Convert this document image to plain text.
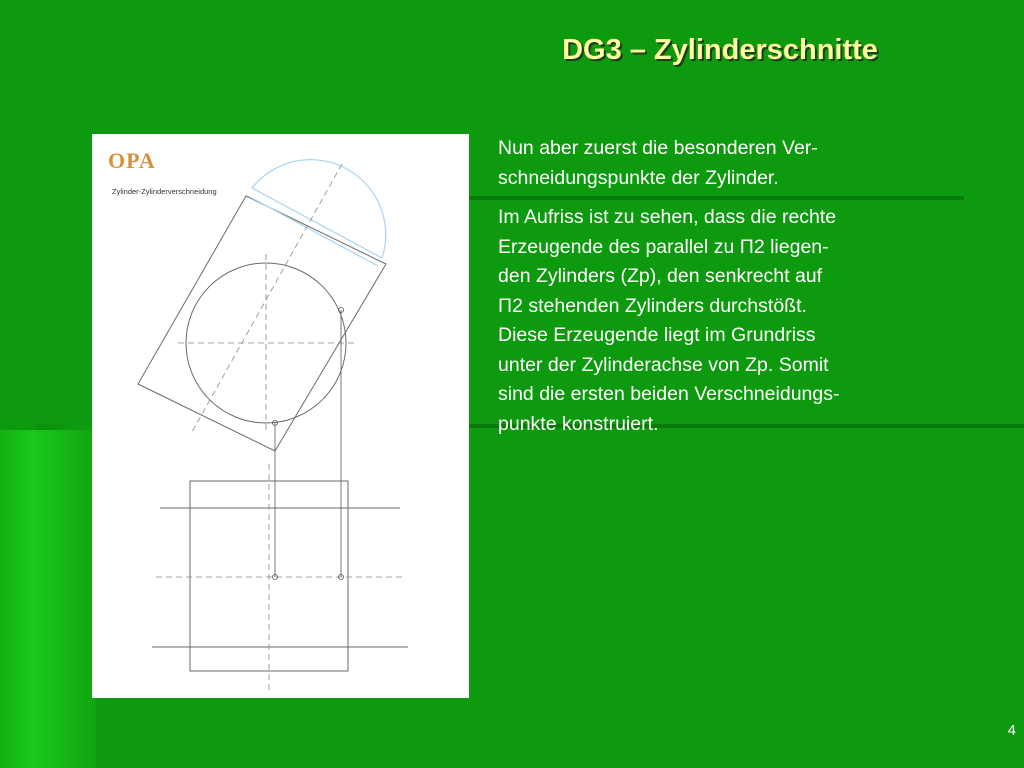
DG3 – Zylinderschnitte
OPA
Zylinder-Zylinderverschneidung

Nun aber zuerst die besonderen Ver-
schneidungspunkte der Zylinder.

Im Aufriss ist zu sehen, dass die rechte
Erzeugende des parallel zu Π2 liegen-
den Zylinders (Zp), den senkrecht auf
Π2 stehenden Zylinders durchstößt.
Diese Erzeugende liegt im Grundriss
unter der Zylinderachse von Zp. Somit
sind die ersten beiden Verschneidungs-
punkte konstruiert.

4
